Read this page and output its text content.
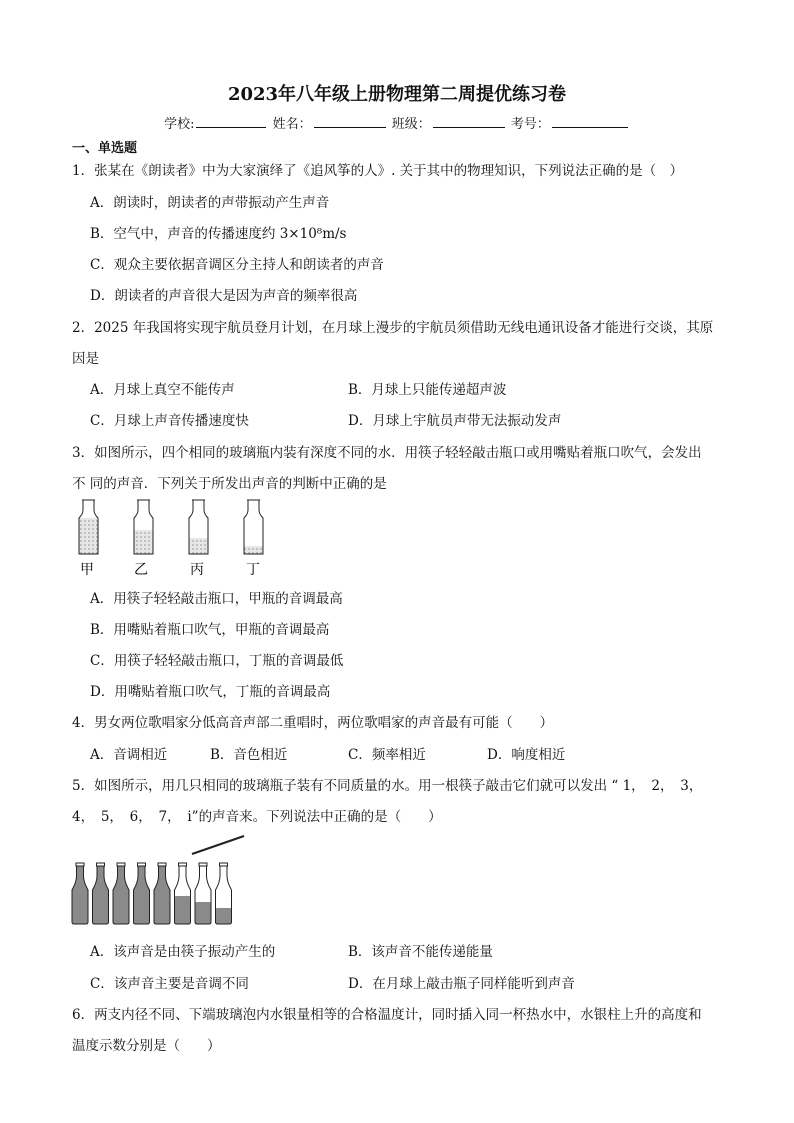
2023年八年级上册物理第二周提优练习卷
学校:	姓名：	班级：	考号：
一、单选题
1．张某在《朗读者》中为大家演绎了《追风筝的人》. 关于其中的物理知识，下列说法正确的是（　）
A．朗读时，朗读者的声带振动产生声音
B．空气中，声音的传播速度约 3×10⁸m/s
C．观众主要依据音调区分主持人和朗读者的声音
D．朗读者的声音很大是因为声音的频率很高
2．2025 年我国将实现宇航员登月计划，在月球上漫步的宇航员须借助无线电通讯设备才能进行交谈，其原
因是
A．月球上真空不能传声	B．月球上只能传递超声波
C．月球上声音传播速度快	D．月球上宇航员声带无法振动发声
3．如图所示，四个相同的玻璃瓶内装有深度不同的水．用筷子轻轻敲击瓶口或用嘴贴着瓶口吹气，会发出
不 同的声音．下列关于所发出声音的判断中正确的是
甲	乙	丙	丁
A．用筷子轻轻敲击瓶口，甲瓶的音调最高
B．用嘴贴着瓶口吹气，甲瓶的音调最高
C．用筷子轻轻敲击瓶口，丁瓶的音调最低
D．用嘴贴着瓶口吹气，丁瓶的音调最高
4．男女两位歌唱家分低高音声部二重唱时，两位歌唱家的声音最有可能（　　）
A．音调相近	B．音色相近	C．频率相近	D．响度相近
5．如图所示，用几只相同的玻璃瓶子装有不同质量的水。用一根筷子敲击它们就可以发出 “ 1，　2，　3，
4，　5，　6，　7，　i”的声音来。下列说法中正确的是（　　）
A．该声音是由筷子振动产生的	B．该声音不能传递能量
C．该声音主要是音调不同	D．在月球上敲击瓶子同样能听到声音
6．两支内径不同、下端玻璃泡内水银量相等的合格温度计，同时插入同一杯热水中，水银柱上升的高度和
温度示数分别是（　　）
